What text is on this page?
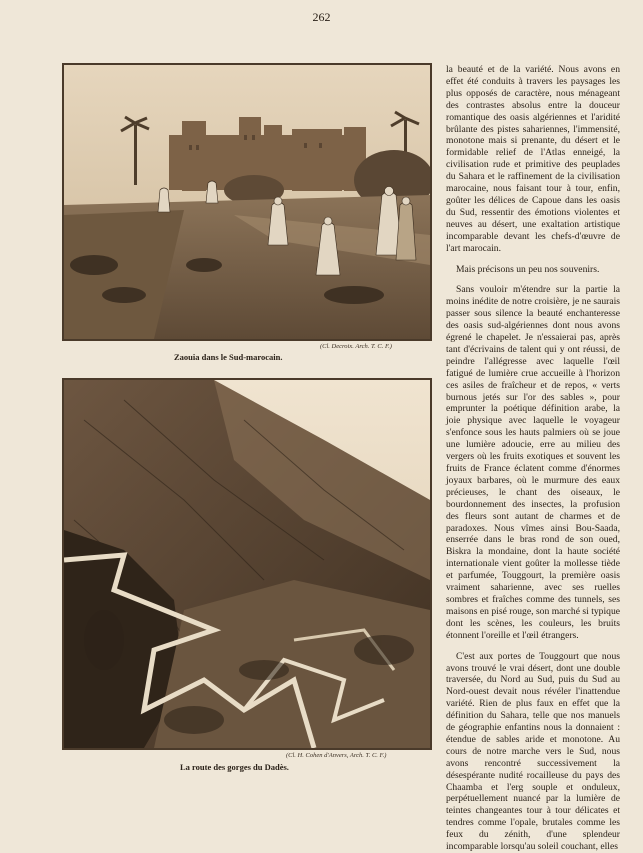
262
(Cl. Decroix. Arch. T. C. F.)
Zaouia dans le Sud-marocain.
(Cl. H. Cohen d'Anvers, Arch. T. C. F.)
La route des gorges du Dadès.

la beauté et de la variété. Nous avons en effet été conduits à travers les paysages les plus opposés de caractère, nous ménageant des contrastes absolus entre la douceur romantique des oasis algériennes et l'aridité brûlante des pistes sahariennes, l'immensité, monotone mais si prenante, du désert et le formidable relief de l'Atlas enneigé, la civilisation rude et primitive des peuplades du Sahara et le raffinement de la civilisation marocaine, nous faisant tour à tour, enfin, goûter les délices de Capoue dans les oasis du Sud, ressentir des émotions violentes et neuves au désert, une exaltation artistique incomparable devant les chefs-d'œuvre de l'art marocain.

Mais précisons un peu nos souvenirs.

Sans vouloir m'étendre sur la partie la moins inédite de notre croisière, je ne saurais passer sous silence la beauté enchanteresse des oasis sud-algériennes dont nous avons égrené le chapelet. Je n'essaierai pas, après tant d'écrivains de talent qui y ont réussi, de peindre l'allégresse avec laquelle l'œil fatigué de lumière crue accueille à l'horizon ces asiles de fraîcheur et de repos, « verts burnous jetés sur l'or des sables », pour emprunter la poétique définition arabe, la joie physique avec laquelle le voyageur s'enfonce sous les hauts palmiers où se joue une lumière adoucie, erre au milieu des vergers où les fruits exotiques et souvent les fruits de France éclatent comme d'énormes joyaux barbares, où le murmure des eaux précieuses, le chant des oiseaux, le bourdonnement des insectes, la profusion des fleurs sont autant de charmes et de paradoxes. Nous vîmes ainsi Bou-Saada, enserrée dans le bras rond de son oued, Biskra la mondaine, dont la haute société internationale vient goûter la mollesse tiède et parfumée, Touggourt, la première oasis vraiment saharienne, avec ses ruelles sombres et fraîches comme des tunnels, ses maisons en pisé rouge, son marché si typique dont les scènes, les couleurs, les bruits étonnent l'oreille et l'œil étrangers.

C'est aux portes de Touggourt que nous avons trouvé le vrai désert, dont une double traversée, du Nord au Sud, puis du Sud au Nord-ouest devait nous révéler l'inattendue variété. Rien de plus faux en effet que la définition du Sahara, telle que nos manuels de géographie enfantins nous la donnaient : étendue de sables aride et monotone. Au cours de notre marche vers le Sud, nous avons rencontré successivement la désespérante nudité rocailleuse du pays des Chaamba et l'erg souple et onduleux, perpétuellement nuancé par la lumière de teintes changeantes tour à tour délicates et tendres comme l'opale, brutales comme les feux du zénith, d'une splendeur incomparable lorsqu'au soleil couchant, elles
